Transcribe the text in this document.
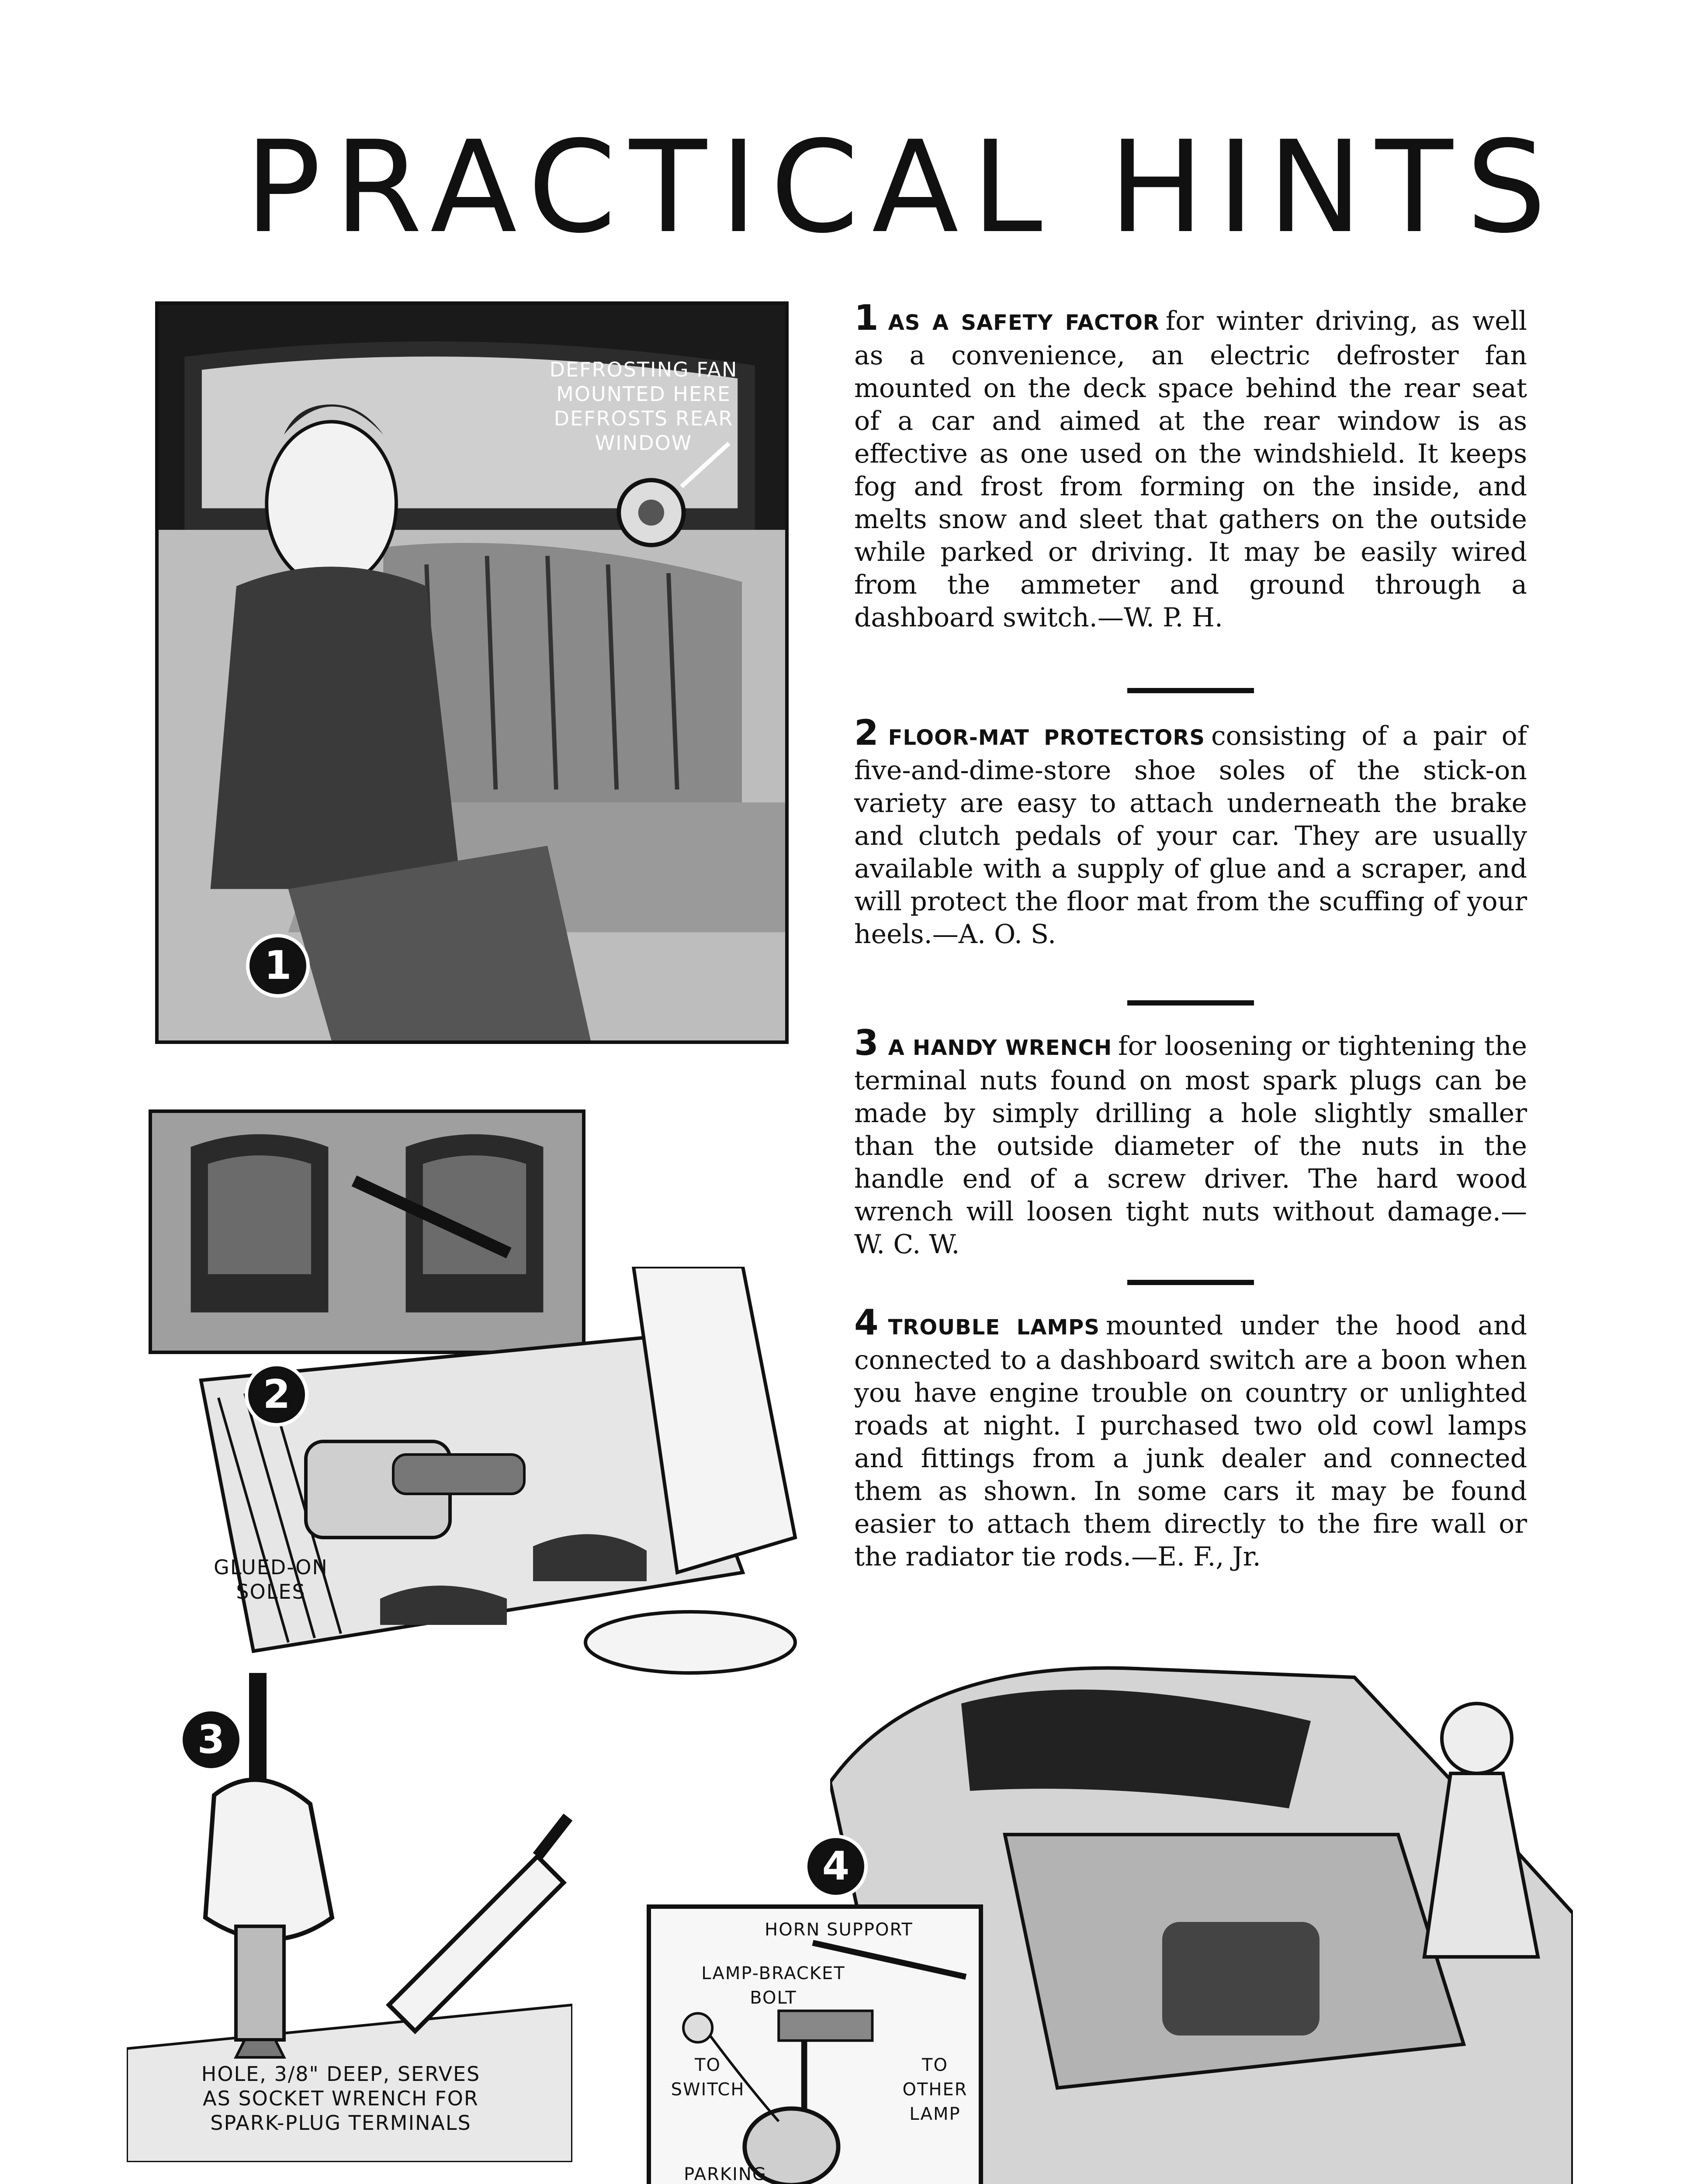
PRACTICAL HINTS
DEFROSTING FAN
MOUNTED HERE
DEFROSTS REAR
WINDOW
1
GLUED-ON
SOLES
2
HOLE, 3/8" DEEP, SERVES
AS SOCKET WRENCH FOR
SPARK-PLUG TERMINALS
3
4
HORN SUPPORT
LAMP-BRACKET
BOLT
TO
SWITCH
TO
OTHER
LAMP
PARKING

1 AS A SAFETY FACTOR for winter driving, as well as a convenience, an electric defroster fan mounted on the deck space behind the rear seat of a car and aimed at the rear window is as effective as one used on the windshield. It keeps fog and frost from forming on the inside, and melts snow and sleet that gathers on the outside while parked or driving. It may be easily wired from the ammeter and ground through a dashboard switch.—W. P. H.
2 FLOOR-MAT PROTECTORS consisting of a pair of five-and-dime-store shoe soles of the stick-on variety are easy to attach underneath the brake and clutch pedals of your car. They are usually available with a supply of glue and a scraper, and will protect the floor mat from the scuffing of your heels.—A. O. S.
3 A HANDY WRENCH for loosening or tightening the terminal nuts found on most spark plugs can be made by simply drilling a hole slightly smaller than the outside diameter of the nuts in the handle end of a screw driver. The hard wood wrench will loosen tight nuts without damage.—W. C. W.
4 TROUBLE LAMPS mounted under the hood and connected to a dashboard switch are a boon when you have engine trouble on country or unlighted roads at night. I purchased two old cowl lamps and fittings from a junk dealer and connected them as shown. In some cars it may be found easier to attach them directly to the fire wall or the radiator tie rods.—E. F., Jr.
